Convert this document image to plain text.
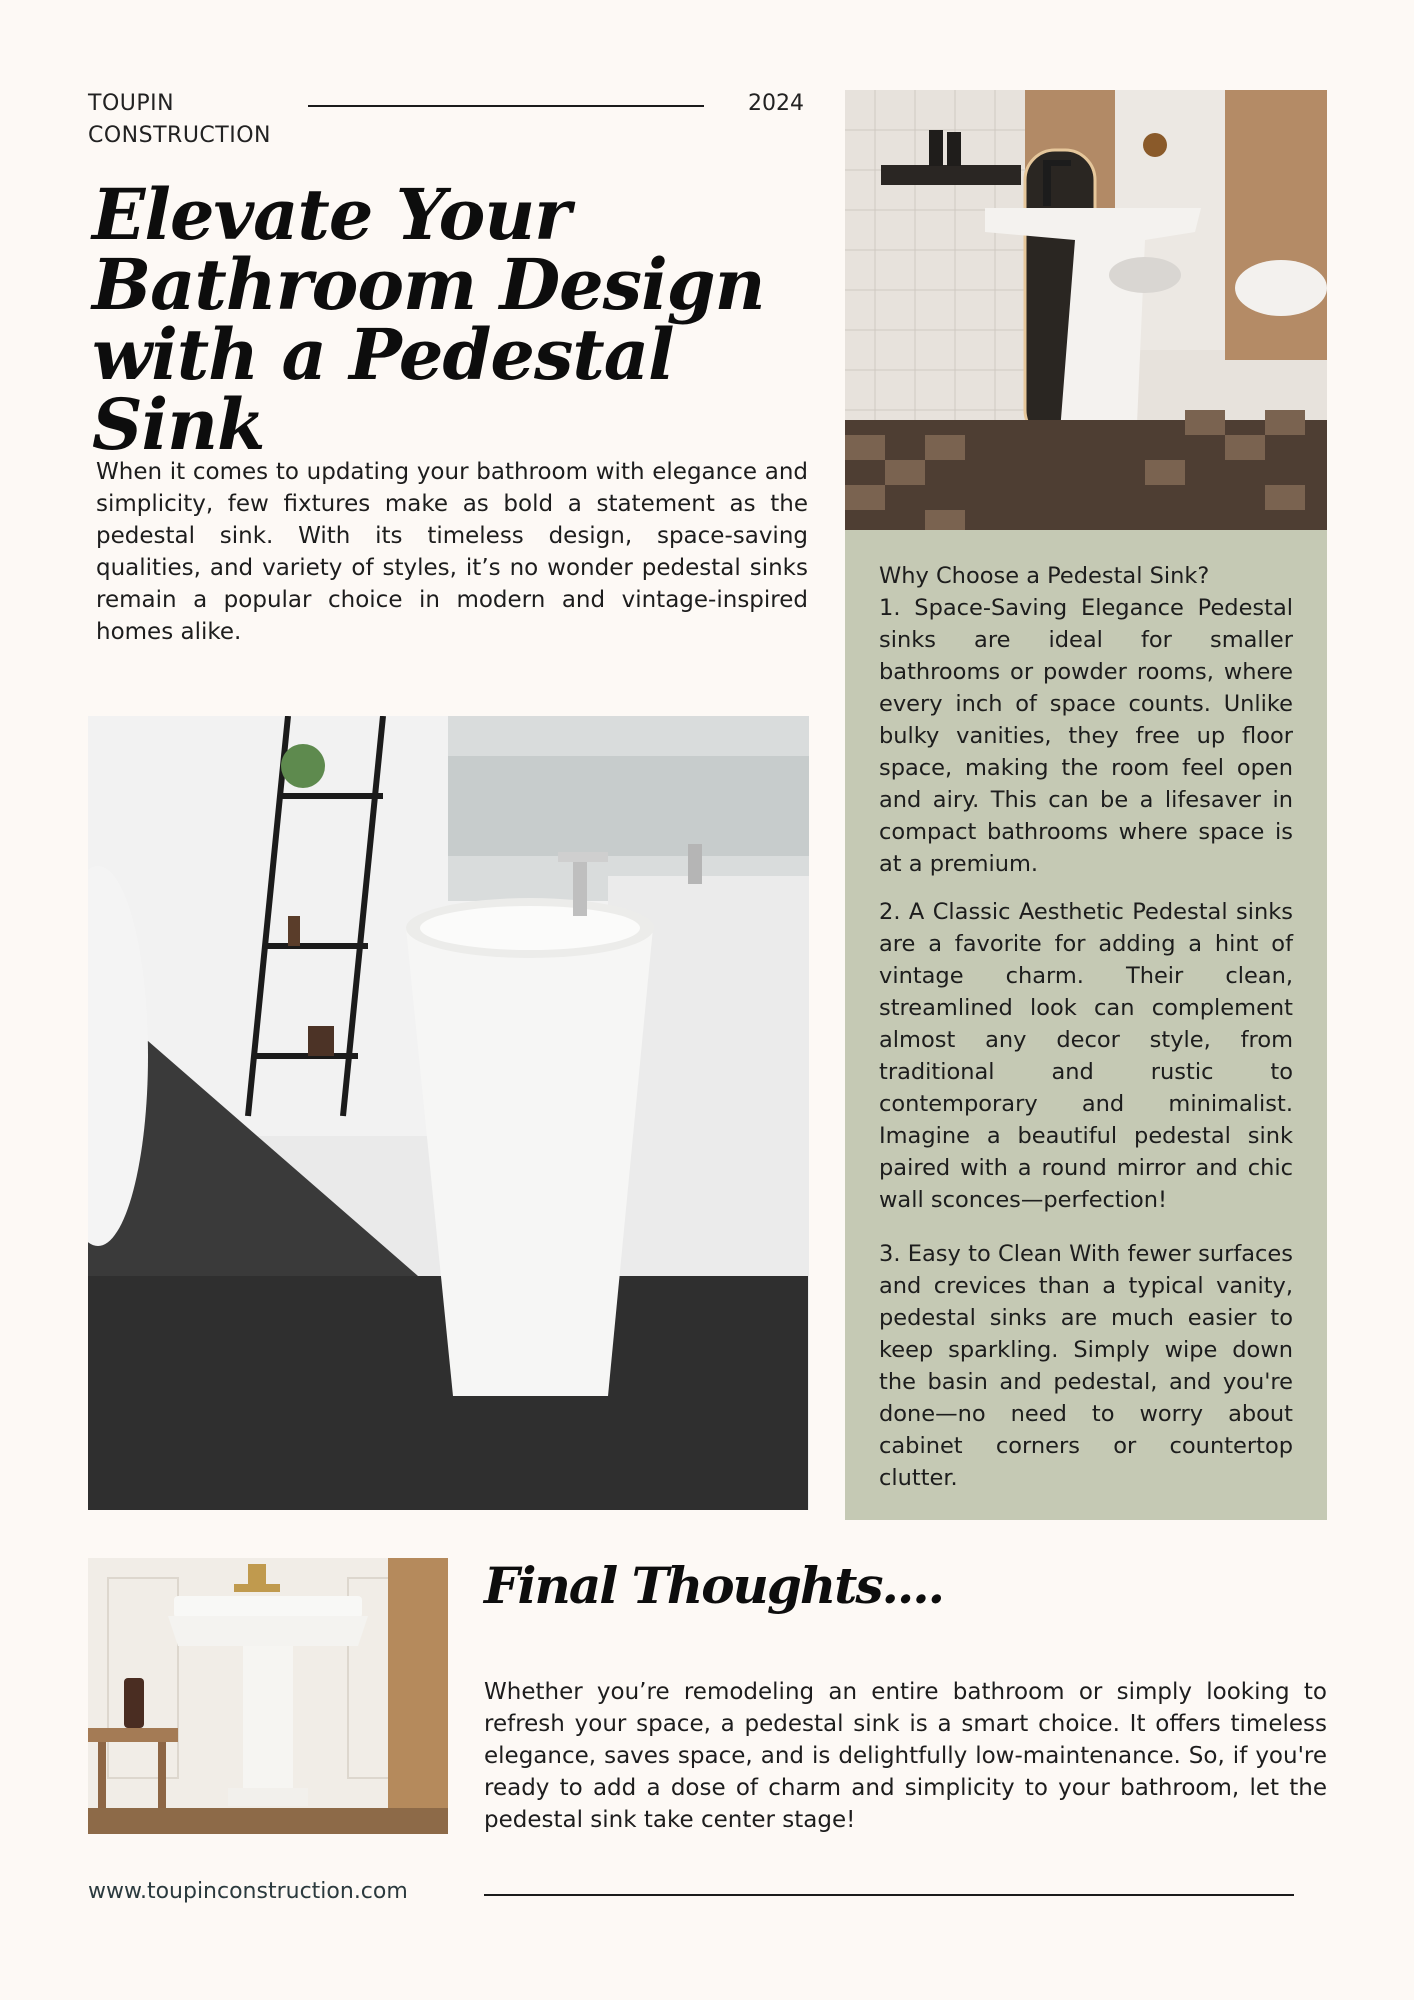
TOUPIN
CONSTRUCTION
2024
Elevate Your
Bathroom Design
with a Pedestal Sink

When it comes to updating your bathroom with elegance and simplicity, few fixtures make as bold a statement as the pedestal sink. With its timeless design, space-saving qualities, and variety of styles, it’s no wonder pedestal sinks remain a popular choice in modern and vintage-inspired homes alike.

Why Choose a Pedestal Sink?

1. Space-Saving Elegance Pedestal sinks are ideal for smaller bathrooms or powder rooms, where every inch of space counts. Unlike bulky vanities, they free up floor space, making the room feel open and airy. This can be a lifesaver in compact bathrooms where space is at a premium.

2. A Classic Aesthetic Pedestal sinks are a favorite for adding a hint of vintage charm. Their clean, streamlined look can complement almost any decor style, from traditional and rustic to contemporary and minimalist. Imagine a beautiful pedestal sink paired with a round mirror and chic wall sconces—perfection!

3. Easy to Clean With fewer surfaces and crevices than a typical vanity, pedestal sinks are much easier to keep sparkling. Simply wipe down the basin and pedestal, and you're done—no need to worry about cabinet corners or countertop clutter.

Final Thoughts....

Whether you’re remodeling an entire bathroom or simply looking to refresh your space, a pedestal sink is a smart choice. It offers timeless elegance, saves space, and is delightfully low-maintenance. So, if you're ready to add a dose of charm and simplicity to your bathroom, let the pedestal sink take center stage!

www.toupinconstruction.com
